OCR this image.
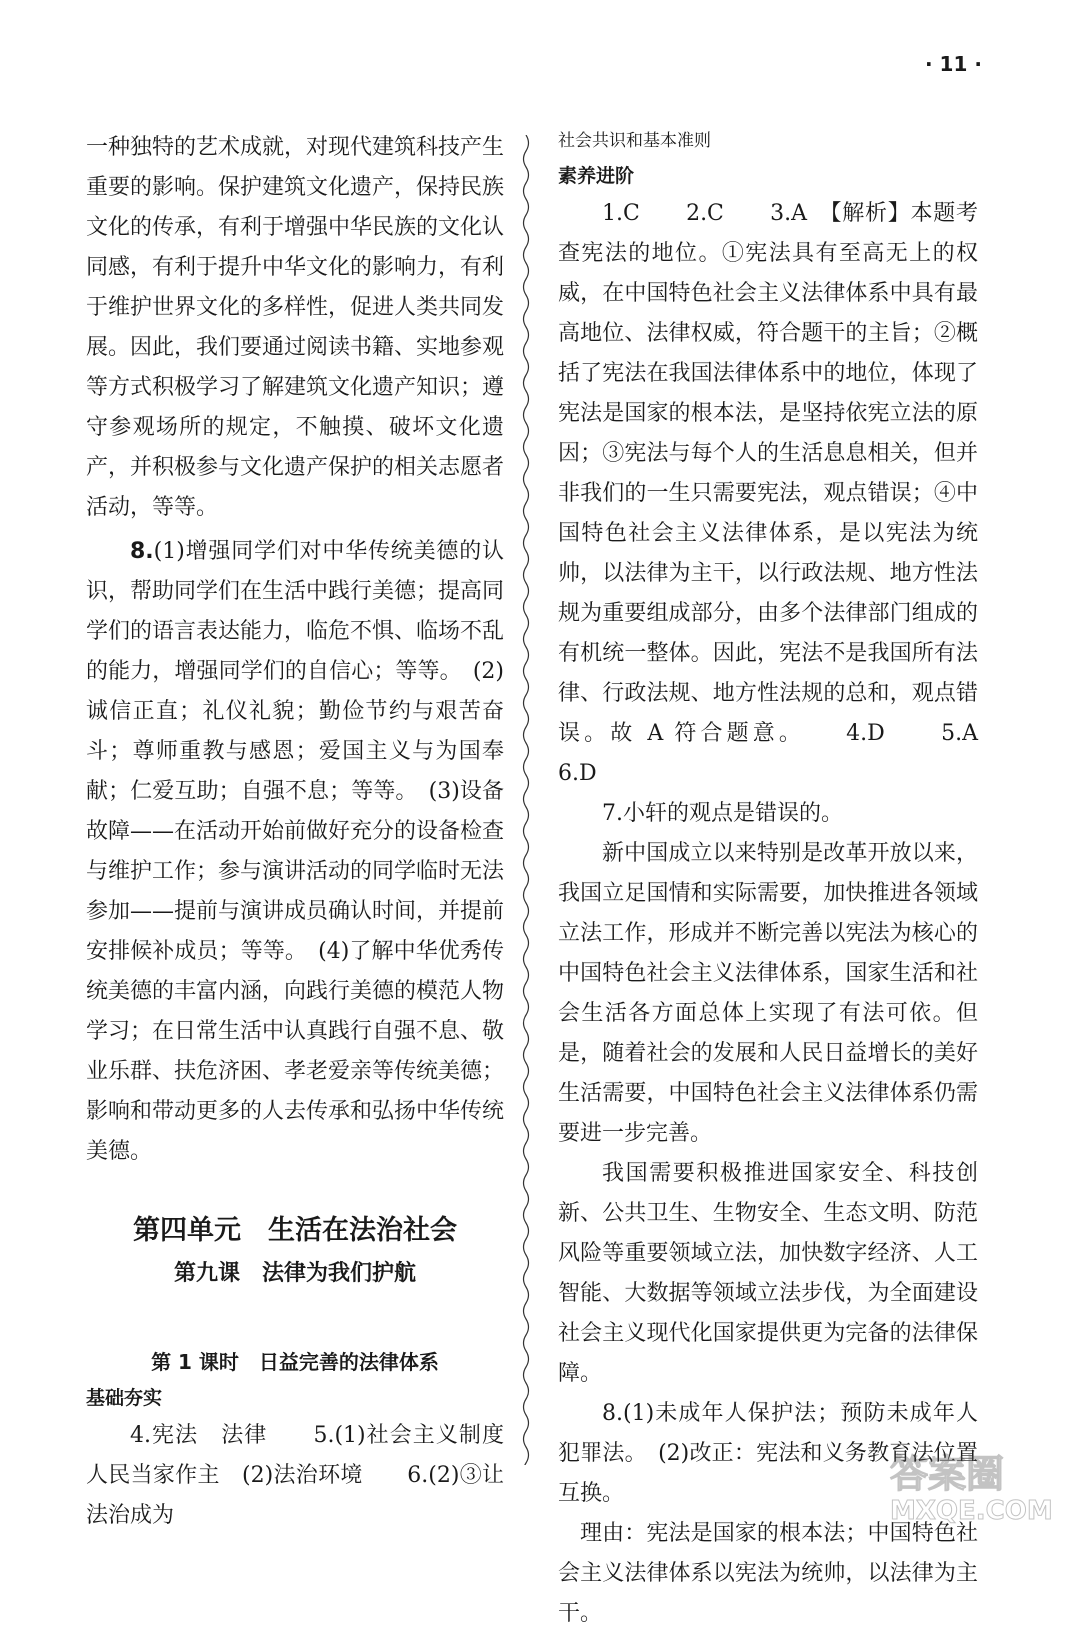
· 11 ·

一种独特的艺术成就，对现代建筑科技产生重要的影响。保护建筑文化遗产，保持民族文化的传承，有利于增强中华民族的文化认同感，有利于提升中华文化的影响力，有利于维护世界文化的多样性，促进人类共同发展。因此，我们要通过阅读书籍、实地参观等方式积极学习了解建筑文化遗产知识；遵守参观场所的规定，不触摸、破坏文化遗产，并积极参与文化遗产保护的相关志愿者活动，等等。

8.(1)增强同学们对中华传统美德的认识，帮助同学们在生活中践行美德；提高同学们的语言表达能力，临危不惧、临场不乱的能力，增强同学们的自信心；等等。　(2)诚信正直；礼仪礼貌；勤俭节约与艰苦奋斗；尊师重教与感恩；爱国主义与为国奉献；仁爱互助；自强不息；等等。　(3)设备故障——在活动开始前做好充分的设备检查与维护工作；参与演讲活动的同学临时无法参加——提前与演讲成员确认时间，并提前安排候补成员；等等。　(4)了解中华优秀传统美德的丰富内涵，向践行美德的模范人物学习；在日常生活中认真践行自强不息、敬业乐群、扶危济困、孝老爱亲等传统美德；影响和带动更多的人去传承和弘扬中华传统美德。

第四单元　生活在法治社会
第九课　法律为我们护航
第 1 课时　日益完善的法律体系
基础夯实

4.宪法　法律　　5.(1)社会主义制度　人民当家作主　(2)法治环境　　6.(2)③让法治成为

社会共识和基本准则

素养进阶

1.C　　2.C　　3.A　【解析】本题考查宪法的地位。①宪法具有至高无上的权威，在中国特色社会主义法律体系中具有最高地位、法律权威，符合题干的主旨；②概括了宪法在我国法律体系中的地位，体现了宪法是国家的根本法，是坚持依宪立法的原因；③宪法与每个人的生活息息相关，但并非我们的一生只需要宪法，观点错误；④中国特色社会主义法律体系，是以宪法为统帅，以法律为主干，以行政法规、地方性法规为重要组成部分，由多个法律部门组成的有机统一整体。因此，宪法不是我国所有法律、行政法规、地方性法规的总和，观点错误。故 A 符合题意。　　4.D　　5.A　　6.D

7.小轩的观点是错误的。

新中国成立以来特别是改革开放以来，我国立足国情和实际需要，加快推进各领域立法工作，形成并不断完善以宪法为核心的中国特色社会主义法律体系，国家生活和社会生活各方面总体上实现了有法可依。但是，随着社会的发展和人民日益增长的美好生活需要，中国特色社会主义法律体系仍需要进一步完善。

我国需要积极推进国家安全、科技创新、公共卫生、生物安全、生态文明、防范风险等重要领域立法，加快数字经济、人工智能、大数据等领域立法步伐，为全面建设社会主义现代化国家提供更为完备的法律保障。

8.(1)未成年人保护法；预防未成年人犯罪法。　(2)改正：宪法和义务教育法位置互换。

理由：宪法是国家的根本法；中国特色社会主义法律体系以宪法为统帅，以法律为主干。

答案圈
MXQE.COM
